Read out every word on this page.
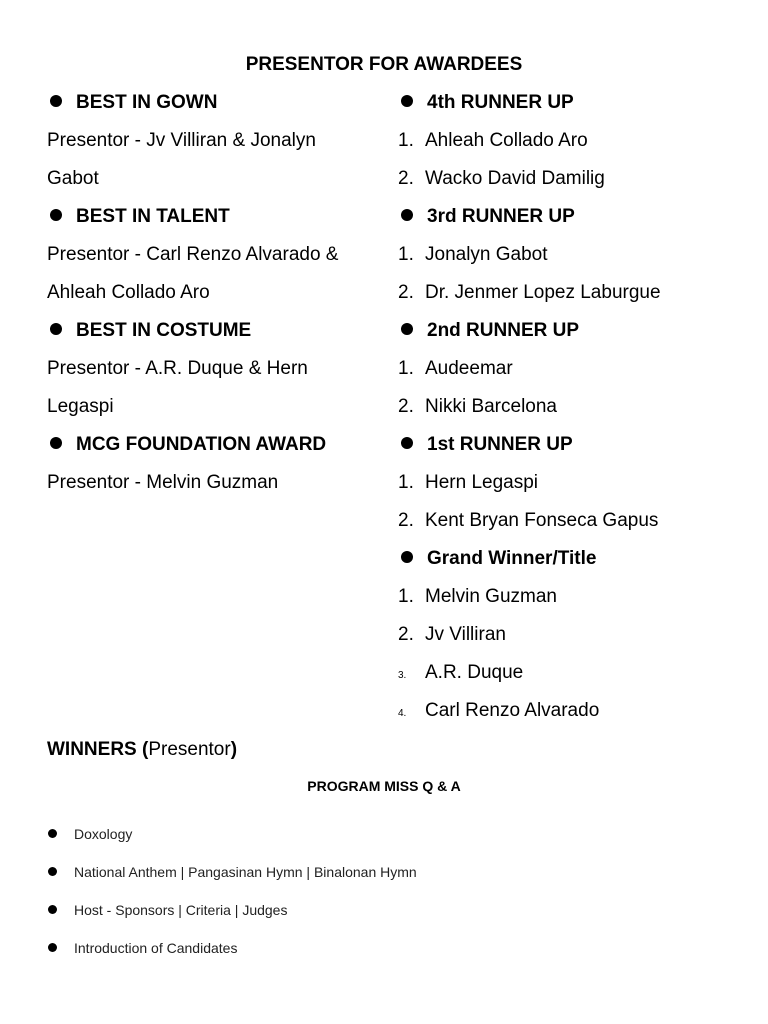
PRESENTOR FOR AWARDEES
BEST IN GOWN
Presentor - Jv Villiran & Jonalyn
Gabot
BEST IN TALENT
Presentor - Carl Renzo Alvarado &
Ahleah Collado Aro
BEST IN COSTUME
Presentor - A.R. Duque & Hern
Legaspi
MCG FOUNDATION AWARD
Presentor - Melvin Guzman
4th RUNNER UP
1. Ahleah Collado Aro
2. Wacko David Damilig
3rd RUNNER UP
1. Jonalyn Gabot
2. Dr. Jenmer Lopez Laburgue
2nd RUNNER UP
1. Audeemar
2. Nikki Barcelona
1st RUNNER UP
1. Hern Legaspi
2. Kent Bryan Fonseca Gapus
Grand Winner/Title
1. Melvin Guzman
2. Jv Villiran
3. A.R. Duque
4. Carl Renzo Alvarado
WINNERS (Presentor)
PROGRAM MISS Q & A
Doxology
National Anthem | Pangasinan Hymn | Binalonan Hymn
Host - Sponsors | Criteria | Judges
Introduction of Candidates
